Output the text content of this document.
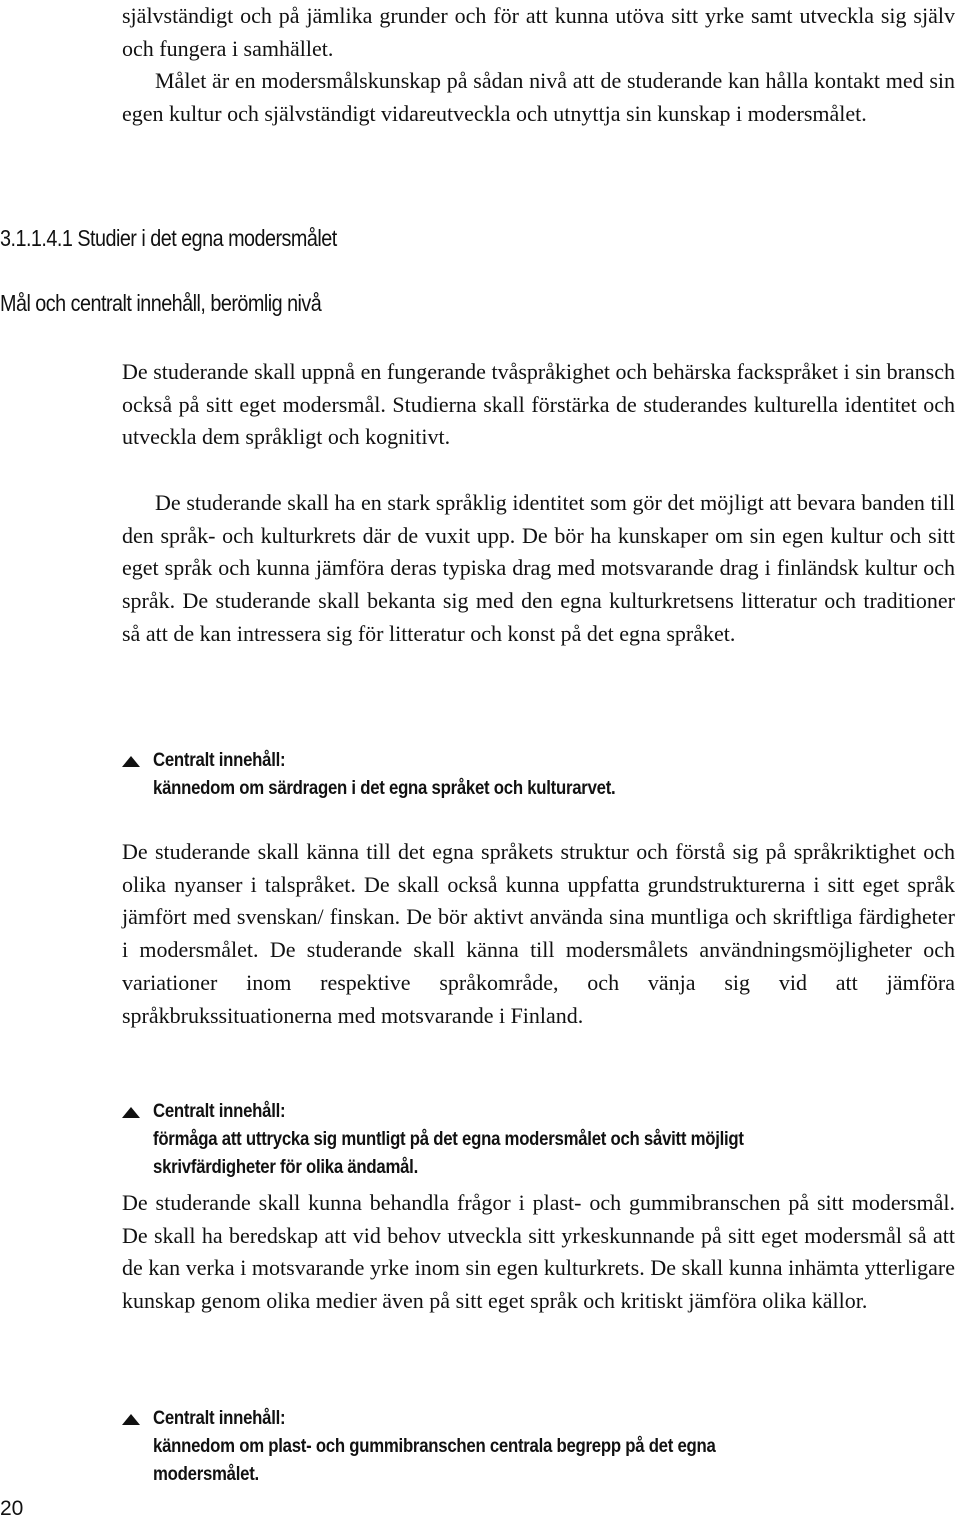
självständigt och på jämlika grunder och för att kunna utöva sitt yrke samt utveckla sig själv och fungera i samhället.

Målet är en modersmålskunskap på sådan nivå att de studerande kan hålla kontakt med sin egen kultur och självständigt vidareutveckla och utnyttja sin kunskap i modersmålet.

3.1.1.4.1 Studier i det egna modersmålet
Mål och centralt innehåll, berömlig nivå

De studerande skall uppnå en fungerande tvåspråkighet och behärska fackspråket i sin bransch också på sitt eget modersmål. Studierna skall förstärka de studerandes kulturella identitet och utveckla dem språkligt och kognitivt.

De studerande skall ha en stark språklig identitet som gör det möjligt att bevara banden till den språk- och kulturkrets där de vuxit upp. De bör ha kunskaper om sin egen kultur och sitt eget språk och kunna jämföra deras typiska drag med motsvarande drag i finländsk kultur och språk. De studerande skall bekanta sig med den egna kulturkretsens litteratur och traditioner så att de kan intressera sig för litteratur och konst på det egna språket.

Centralt innehåll:
kännedom om särdragen i det egna språket och kulturarvet.

De studerande skall känna till det egna språkets struktur och förstå sig på språkriktighet och olika nyanser i talspråket. De skall också kunna uppfatta grundstrukturerna i sitt eget språk jämfört med svenskan/ finskan. De bör aktivt använda sina muntliga och skriftliga färdigheter i modersmålet. De studerande skall känna till modersmålets användningsmöjligheter och variationer inom respektive språkområde, och vänja sig vid att jämföra språkbrukssituationerna med motsvarande i Finland.

Centralt innehåll:
förmåga att uttrycka sig muntligt på det egna modersmålet och såvitt möjligt skrivfärdigheter för olika ändamål.

De studerande skall kunna behandla frågor i plast- och gummibranschen på sitt modersmål. De skall ha beredskap att vid behov utveckla sitt yrkeskunnande på sitt eget modersmål så att de kan verka i motsvarande yrke inom sin egen kulturkrets. De skall kunna inhämta ytterligare kunskap genom olika medier även på sitt eget språk och kritiskt jämföra olika källor.

Centralt innehåll:
kännedom om plast- och gummibranschen centrala begrepp på det egna modersmålet.
20
